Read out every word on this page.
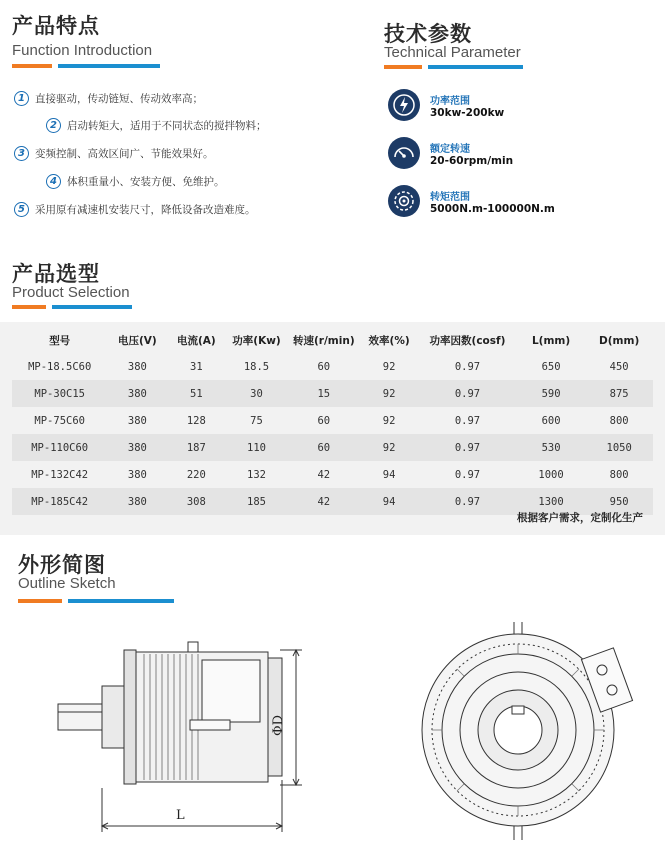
产品特点
Function Introduction
1 直接驱动，传动链短、传动效率高；
2 启动转矩大，适用于不同状态的搅拌物料；
3 变频控制、高效区间广、节能效果好。
4 体积重量小、安装方便、免维护。
5 采用原有减速机安装尺寸，降低设备改造难度。
技术参数
Technical Parameter
功率范围
30kw-200kw
额定转速
20-60rpm/min
转矩范围
5000N.m-100000N.m
产品选型
Product Selection
型号	电压(V)	电流(A)	功率(Kw)	转速(r/min)	效率(%)	功率因数(cosf)	L(mm)	D(mm)
MP-18.5C60	380	31	18.5	60	92	0.97	650	450
MP-30C15	380	51	30	15	92	0.97	590	875
MP-75C60	380	128	75	60	92	0.97	600	800
MP-110C60	380	187	110	60	92	0.97	530	1050
MP-132C42	380	220	132	42	94	0.97	1000	800
MP-185C42	380	308	185	42	94	0.97	1300	950
根据客户需求，定制化生产
外形简图
Outline Sketch
L
ΦD
